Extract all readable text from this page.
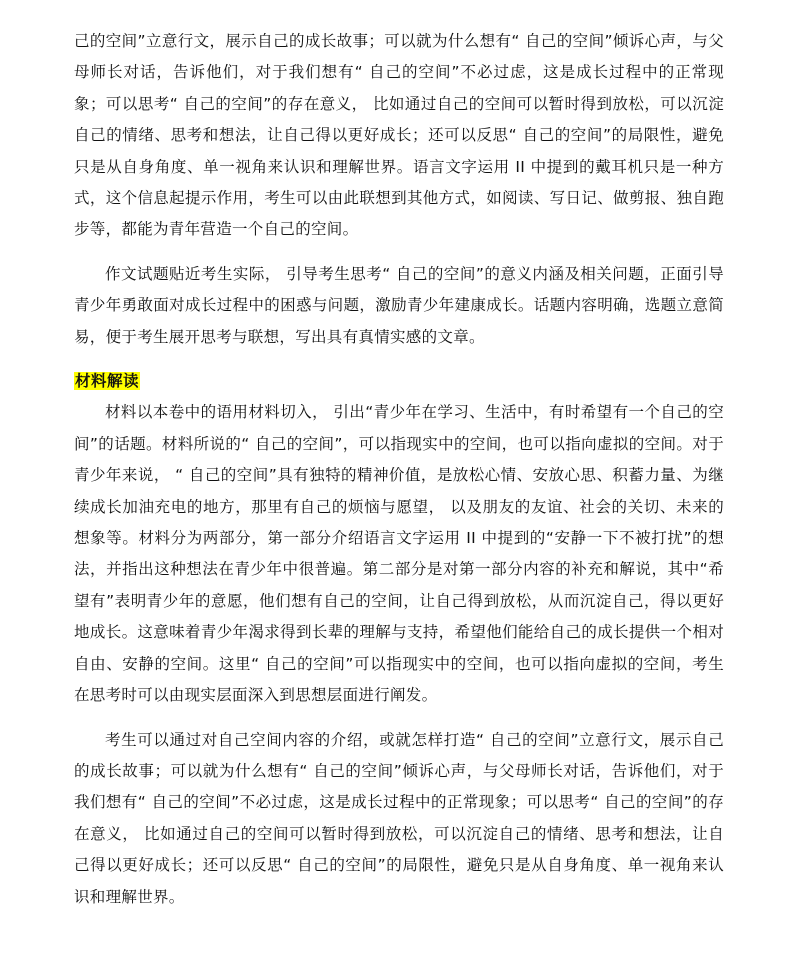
己的空间”立意行文，展示自己的成长故事；可以就为什么想有“ 自己的空间”倾诉心声，与父母师长对话，告诉他们，对于我们想有“ 自己的空间”不必过虑，这是成长过程中的正常现象；可以思考“ 自己的空间”的存在意义， 比如通过自己的空间可以暂时得到放松，可以沉淀自己的情绪、思考和想法，让自己得以更好成长；还可以反思“ 自己的空间”的局限性，避免只是从自身角度、单一视角来认识和理解世界。语言文字运用 II 中提到的戴耳机只是一种方式，这个信息起提示作用，考生可以由此联想到其他方式，如阅读、写日记、做剪报、独自跑步等，都能为青年营造一个自己的空间。

作文试题贴近考生实际， 引导考生思考“ 自己的空间”的意义内涵及相关问题，正面引导青少年勇敢面对成长过程中的困惑与问题，激励青少年建康成长。话题内容明确，选题立意简易，便于考生展开思考与联想，写出具有真情实感的文章。

材料解读

材料以本卷中的语用材料切入， 引出“青少年在学习、生活中，有时希望有一个自己的空间”的话题。材料所说的“ 自己的空间”，可以指现实中的空间，也可以指向虚拟的空间。对于青少年来说， “ 自己的空间”具有独特的精神价值，是放松心情、安放心思、积蓄力量、为继续成长加油充电的地方，那里有自己的烦恼与愿望， 以及朋友的友谊、社会的关切、未来的想象等。材料分为两部分，第一部分介绍语言文字运用 II 中提到的“安静一下不被打扰”的想法，并指出这种想法在青少年中很普遍。第二部分是对第一部分内容的补充和解说，其中“希望有”表明青少年的意愿，他们想有自己的空间，让自己得到放松，从而沉淀自己，得以更好地成长。这意味着青少年渴求得到长辈的理解与支持，希望他们能给自己的成长提供一个相对自由、安静的空间。这里“ 自己的空间”可以指现实中的空间，也可以指向虚拟的空间，考生在思考时可以由现实层面深入到思想层面进行阐发。

考生可以通过对自己空间内容的介绍，或就怎样打造“ 自己的空间”立意行文，展示自己的成长故事；可以就为什么想有“ 自己的空间”倾诉心声，与父母师长对话，告诉他们，对于我们想有“ 自己的空间”不必过虑，这是成长过程中的正常现象；可以思考“ 自己的空间”的存在意义， 比如通过自己的空间可以暂时得到放松，可以沉淀自己的情绪、思考和想法，让自己得以更好成长；还可以反思“ 自己的空间”的局限性，避免只是从自身角度、单一视角来认识和理解世界。
